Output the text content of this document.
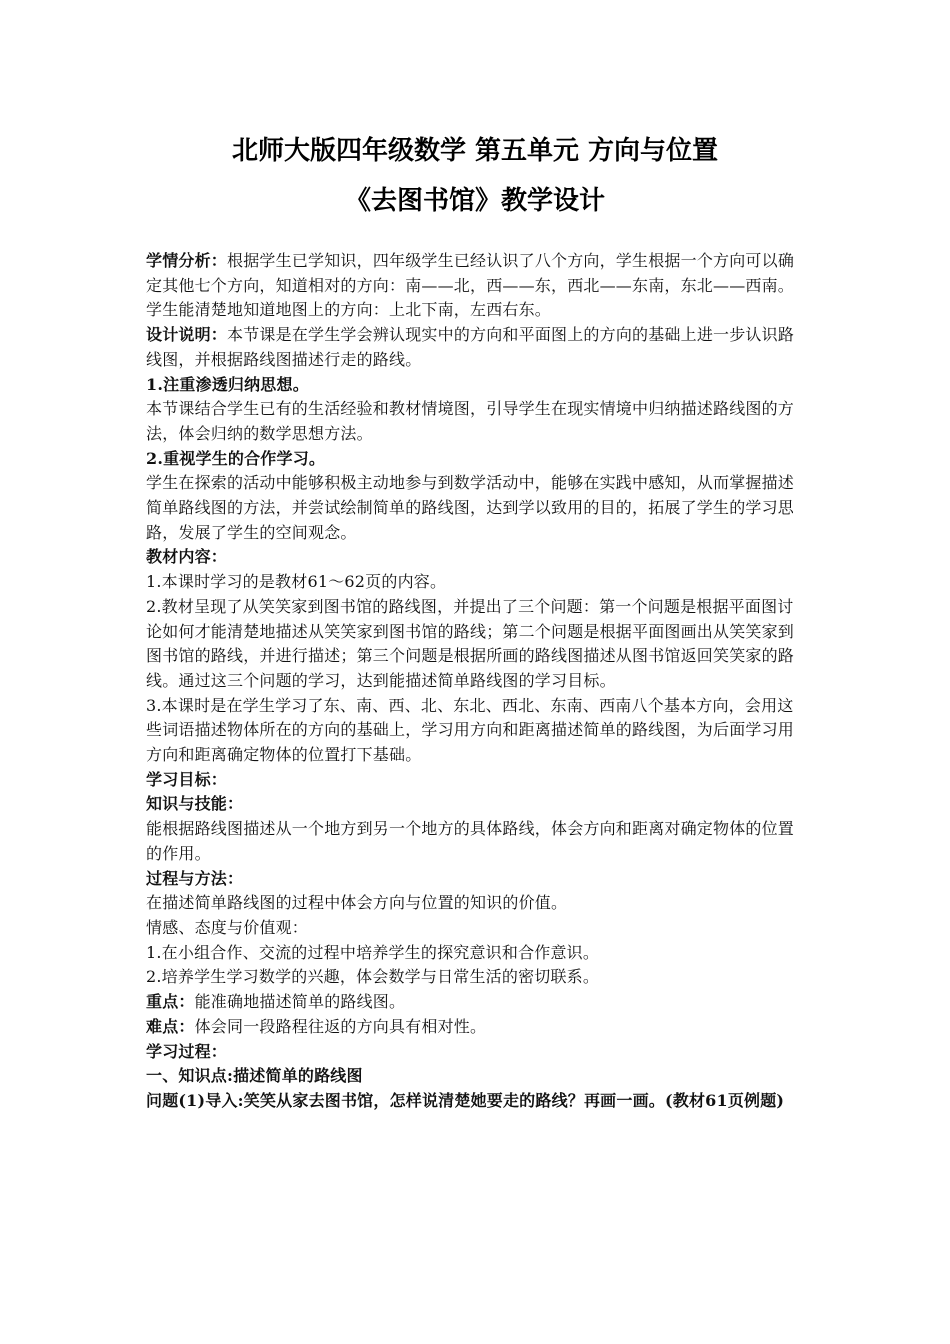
北师大版四年级数学 第五单元 方向与位置
《去图书馆》教学设计

学情分析：根据学生已学知识，四年级学生已经认识了八个方向，学生根据一个方向可以确定其他七个方向，知道相对的方向：南——北，西——东，西北——东南，东北——西南。学生能清楚地知道地图上的方向：上北下南，左西右东。

设计说明：本节课是在学生学会辨认现实中的方向和平面图上的方向的基础上进一步认识路线图，并根据路线图描述行走的路线。

1.注重渗透归纳思想。

本节课结合学生已有的生活经验和教材情境图，引导学生在现实情境中归纳描述路线图的方法，体会归纳的数学思想方法。

2.重视学生的合作学习。

学生在探索的活动中能够积极主动地参与到数学活动中，能够在实践中感知，从而掌握描述简单路线图的方法，并尝试绘制简单的路线图，达到学以致用的目的，拓展了学生的学习思路，发展了学生的空间观念。

教材内容：

1.本课时学习的是教材61～62页的内容。

2.教材呈现了从笑笑家到图书馆的路线图，并提出了三个问题：第一个问题是根据平面图讨论如何才能清楚地描述从笑笑家到图书馆的路线；第二个问题是根据平面图画出从笑笑家到图书馆的路线，并进行描述；第三个问题是根据所画的路线图描述从图书馆返回笑笑家的路线。通过这三个问题的学习，达到能描述简单路线图的学习目标。

3.本课时是在学生学习了东、南、西、北、东北、西北、东南、西南八个基本方向，会用这些词语描述物体所在的方向的基础上，学习用方向和距离描述简单的路线图，为后面学习用方向和距离确定物体的位置打下基础。

学习目标：

知识与技能：

能根据路线图描述从一个地方到另一个地方的具体路线，体会方向和距离对确定物体的位置的作用。

过程与方法：

在描述简单路线图的过程中体会方向与位置的知识的价值。

情感、态度与价值观：

1.在小组合作、交流的过程中培养学生的探究意识和合作意识。

2.培养学生学习数学的兴趣，体会数学与日常生活的密切联系。

重点：能准确地描述简单的路线图。

难点：体会同一段路程往返的方向具有相对性。

学习过程：

一、知识点:描述简单的路线图

问题(1)导入:笑笑从家去图书馆，怎样说清楚她要走的路线？再画一画。(教材61页例题)
